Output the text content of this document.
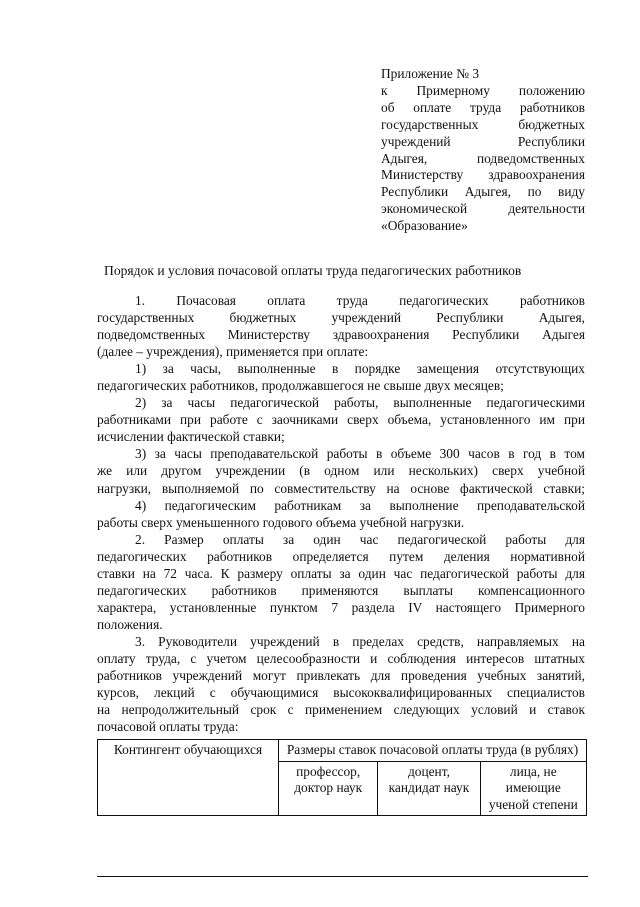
Приложение № 3
к Примерному положению
об оплате труда работников
государственных бюджетных
учреждений Республики
Адыгея, подведомственных
Министерству здравоохранения
Республики Адыгея, по виду
экономической деятельности
«Образование»
Порядок и условия почасовой оплаты труда педагогических работников
1. Почасовая оплата труда педагогических работников
государственных бюджетных учреждений Республики Адыгея,
подведомственных Министерству здравоохранения Республики Адыгея
(далее – учреждения), применяется при оплате:
1) за часы, выполненные в порядке замещения отсутствующих
педагогических работников, продолжавшегося не свыше двух месяцев;
2) за часы педагогической работы, выполненные педагогическими
работниками при работе с заочниками сверх объема, установленного им при
исчислении фактической ставки;
3) за часы преподавательской работы в объеме 300 часов в год в том
же или другом учреждении (в одном или нескольких) сверх учебной
нагрузки, выполняемой по совместительству на основе фактической ставки;
4) педагогическим работникам за выполнение преподавательской
работы сверх уменьшенного годового объема учебной нагрузки.
2. Размер оплаты за один час педагогической работы для
педагогических работников определяется путем деления нормативной
ставки на 72 часа. К размеру оплаты за один час педагогической работы для
педагогических работников применяются выплаты компенсационного
характера, установленные пунктом 7 раздела IV настоящего Примерного
положения.
3. Руководители учреждений в пределах средств, направляемых на
оплату труда, с учетом целесообразности и соблюдения интересов штатных
работников учреждений могут привлекать для проведения учебных занятий,
курсов, лекций с обучающимися высококвалифицированных специалистов
на непродолжительный срок с применением следующих условий и ставок
почасовой оплаты труда:
Контингент обучающихся	Размеры ставок почасовой оплаты труда (в рублях)		
	профессор, доктор наук	доцент, кандидат наук	лица, не имеющие ученой степени
